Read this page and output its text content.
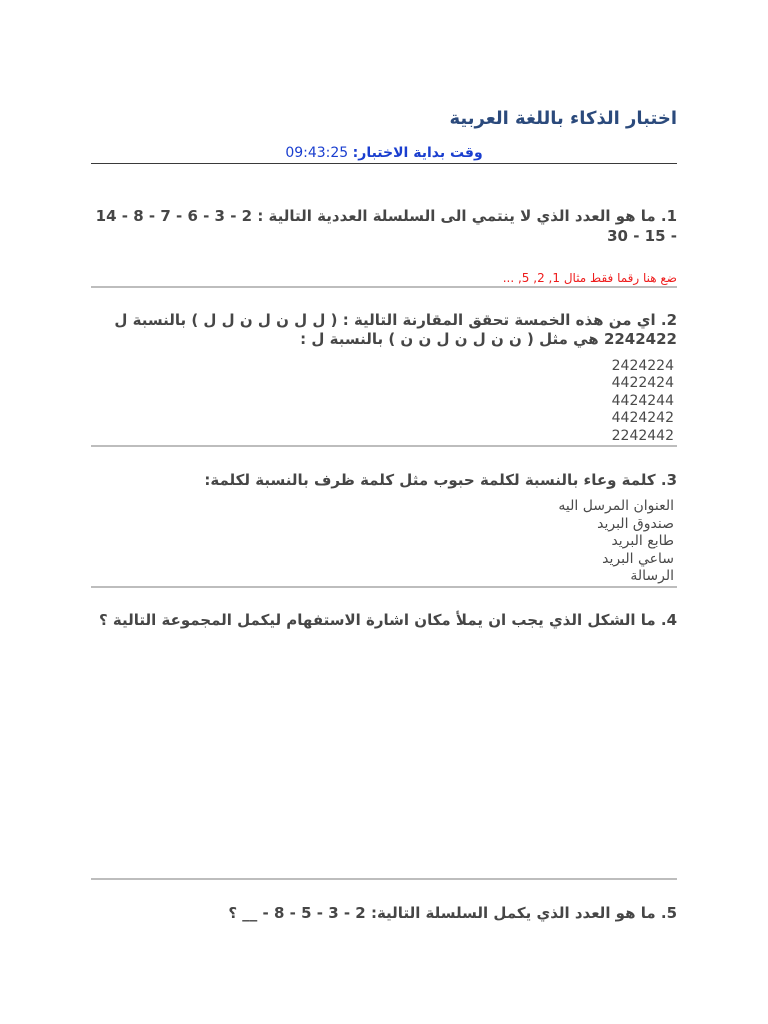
اختبار الذكاء باللغة العربية
وقت بداية الاختبار: 09:43:25
1. ما هو العدد الذي لا ينتمي الى السلسلة العددية التالية : 2 - 3 - 6 - 7 - 8 - 14 - 15 - 30
ضع هنا رقما فقط مثال 1, 2, 5, ...
2. اي من هذه الخمسة تحقق المقارنة التالية : ( ل ل ن ل ن ل ل ) بالنسبة ل 2242422 هي مثل ( ن ن ل ن ل ن ن ) بالنسبة ل :
2424224
4422424
4424244
4424242
2242442
3. كلمة وعاء بالنسبة لكلمة حبوب مثل كلمة ظرف بالنسبة لكلمة:
العنوان المرسل اليه
صندوق البريد
طابع البريد
ساعي البريد
الرسالة
4. ما الشكل الذي يجب ان يملأ مكان اشارة الاستفهام ليكمل المجموعة التالية ؟
5. ما هو العدد الذي يكمل السلسلة التالية: 2 - 3 - 5 - 8 - __ ؟
